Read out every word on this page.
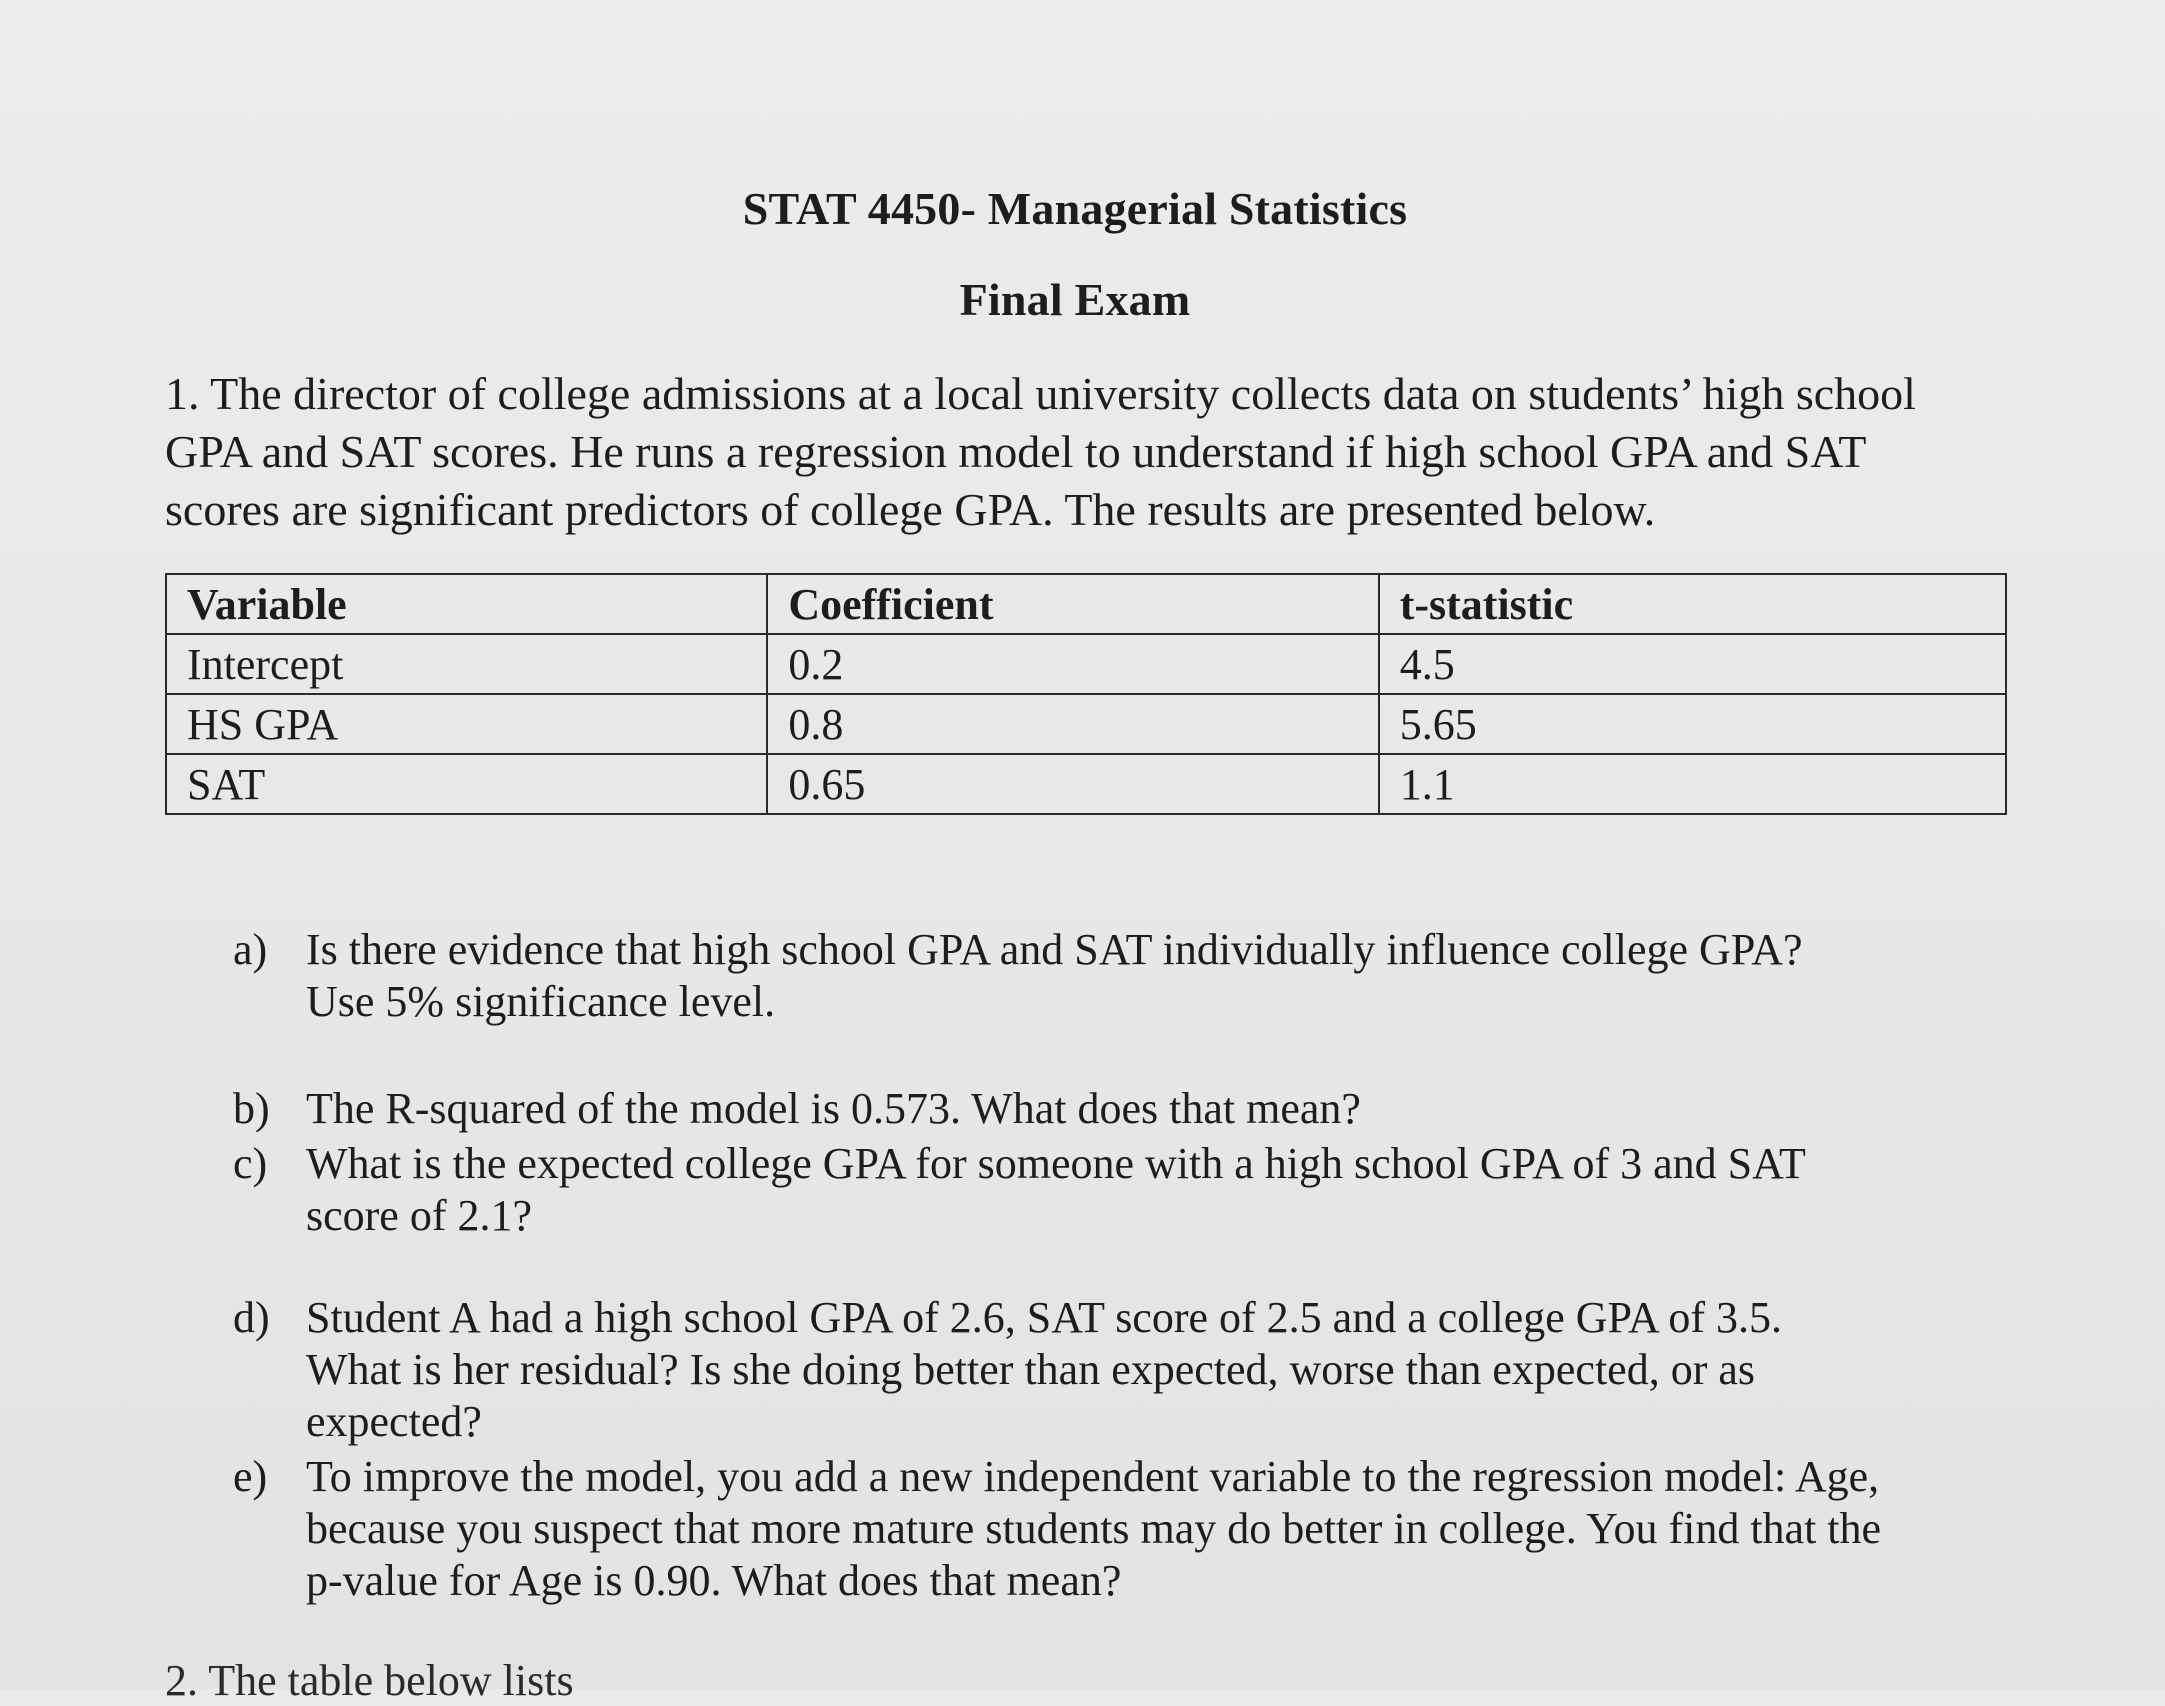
STAT 4450- Managerial Statistics
Final Exam
1. The director of college admissions at a local university collects data on students’ high school
GPA and SAT scores. He runs a regression model to understand if high school GPA and SAT
scores are significant predictors of college GPA. The results are presented below.
Variable	Coefficient	t-statistic
Intercept	0.2	4.5
HS GPA	0.8	5.65
SAT	0.65	1.1
a) Is there evidence that high school GPA and SAT individually influence college GPA?
Use 5% significance level.
b) The R-squared of the model is 0.573. What does that mean?
c) What is the expected college GPA for someone with a high school GPA of 3 and SAT
score of 2.1?
d) Student A had a high school GPA of 2.6, SAT score of 2.5 and a college GPA of 3.5.
What is her residual? Is she doing better than expected, worse than expected, or as
expected?
e) To improve the model, you add a new independent variable to the regression model: Age,
because you suspect that more mature students may do better in college. You find that the
p-value for Age is 0.90. What does that mean?
2. The table below lists
